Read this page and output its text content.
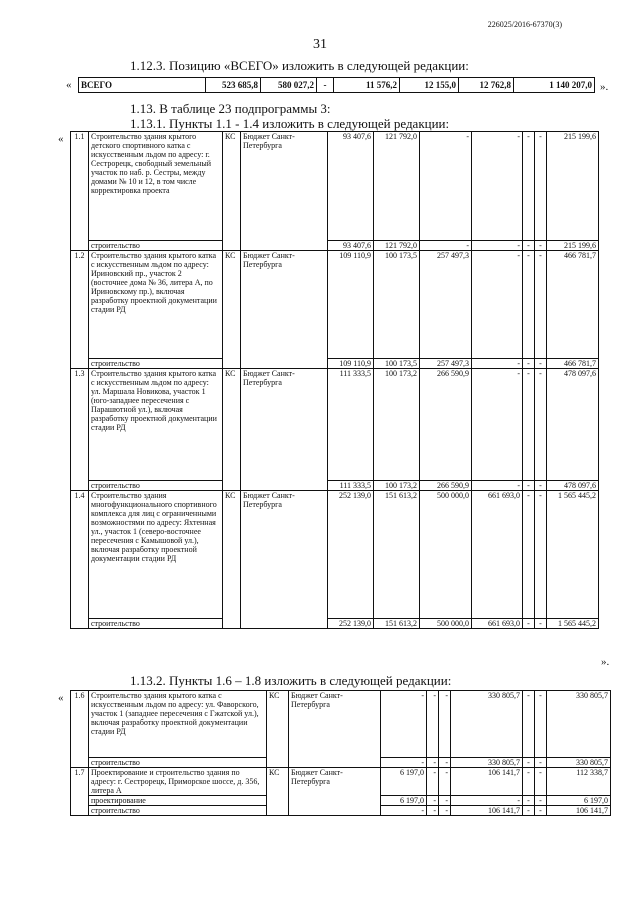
226025/2016-67370(3)
31
1.12.3. Позицию «ВСЕГО» изложить в следующей редакции:
« ВСЕГО	523 685,8	580 027,2	-	11 576,2	12 155,0	12 762,8	1 140 207,0 ».
1.13. В таблице 23 подпрограммы 3:
1.13.1. Пункты 1.1 - 1.4 изложить в следующей редакции:
« 1.1	Строительство здания крытого детского спортивного катка с искусственным льдом по адресу: г. Сестрорецк, свободный земельный участок по наб. р. Сестры, между домами № 10 и 12, в том числе корректировка проекта	КС	Бюджет Санкт-Петербурга	93 407,6	121 792,0	-	-	-	-	215 199,6
	строительство			93 407,6	121 792,0	-	-	-	-	215 199,6
1.2	Строительство здания крытого катка с искусственным льдом по адресу: Ириновский пр., участок 2 (восточнее дома № 36, литера А, по Ириновскому пр.), включая разработку проектной документации стадии РД	КС	Бюджет Санкт-Петербурга	109 110,9	100 173,5	257 497,3	-	-	-	466 781,7
	строительство			109 110,9	100 173,5	257 497,3	-	-	-	466 781,7
1.3	Строительство здания крытого катка с искусственным льдом по адресу: ул. Маршала Новикова, участок 1 (юго-западнее пересечения с Парашютной ул.), включая разработку проектной документации стадии РД	КС	Бюджет Санкт-Петербурга	111 333,5	100 173,2	266 590,9	-	-	-	478 097,6
	строительство			111 333,5	100 173,2	266 590,9	-	-	-	478 097,6
1.4	Строительство здания многофункционального спортивного комплекса для лиц с ограниченными возможностями по адресу: Яхтенная ул., участок 1 (северо-восточнее пересечения с Камышовой ул.), включая разработку проектной документации стадии РД	КС	Бюджет Санкт-Петербурга	252 139,0	151 613,2	500 000,0	661 693,0	-	-	1 565 445,2
	строительство			252 139,0	151 613,2	500 000,0	661 693,0	-	-	1 565 445,2
».
1.13.2. Пункты 1.6 – 1.8 изложить в следующей редакции:
« 1.6	Строительство здания крытого катка с искусственным льдом по адресу: ул. Фаворского, участок 1 (западнее пересечения с Гжатской ул.), включая разработку проектной документации стадии РД	КС	Бюджет Санкт-Петербурга	-	-	-	330 805,7	-	-	330 805,7
	строительство			-	-	-	330 805,7	-	-	330 805,7
1.7	Проектирование и строительство здания по адресу: г. Сестрорецк, Приморское шоссе, д. 356, литера А	КС	Бюджет Санкт-Петербурга	6 197,0	-	-	106 141,7	-	-	112 338,7
	проектирование			6 197,0	-	-	-	-	-	6 197,0
	строительство			-	-	-	106 141,7	-	-	106 141,7
